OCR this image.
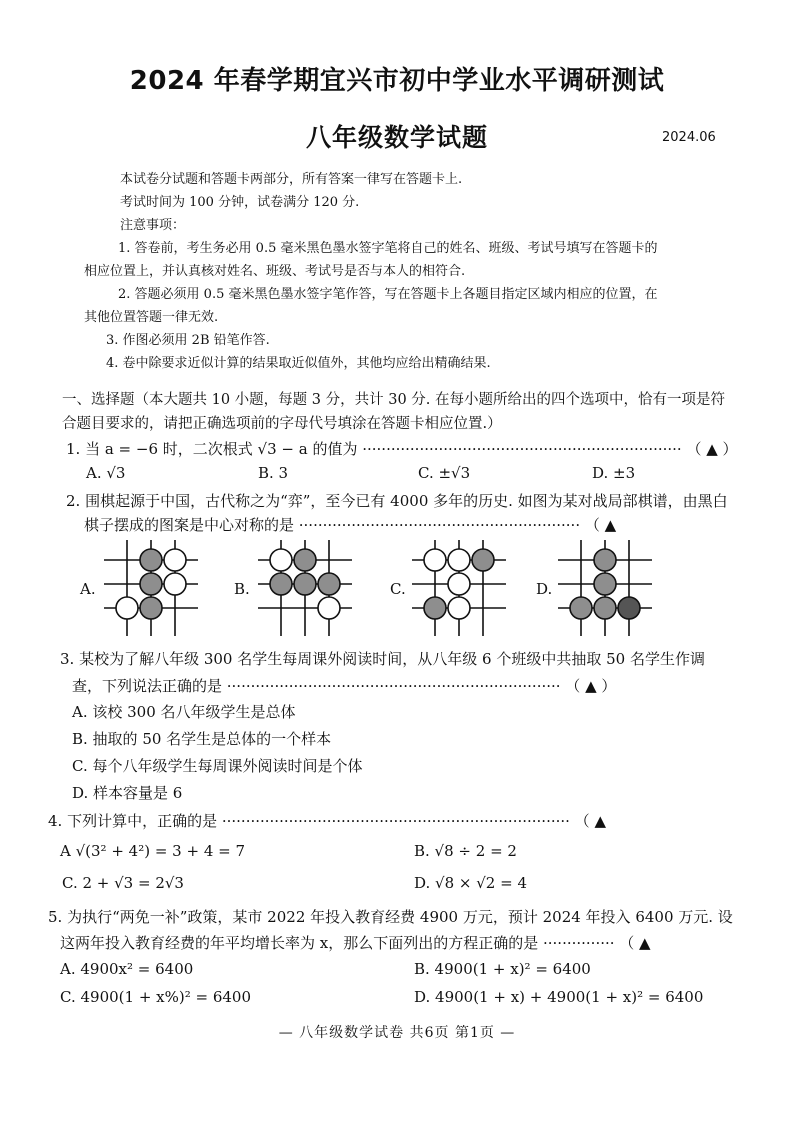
2024 年春学期宜兴市初中学业水平调研测试
八年级数学试题	2024.06
本试卷分试题和答题卡两部分，所有答案一律写在答题卡上.
考试时间为 100 分钟，试卷满分 120 分.
注意事项：
1. 答卷前，考生务必用 0.5 毫米黑色墨水签字笔将自己的姓名、班级、考试号填写在答题卡的
相应位置上，并认真核对姓名、班级、考试号是否与本人的相符合.
2. 答题必须用 0.5 毫米黑色墨水签字笔作答，写在答题卡上各题目指定区域内相应的位置，在
其他位置答题一律无效.
3. 作图必须用 2B 铅笔作答.
4. 卷中除要求近似计算的结果取近似值外，其他均应给出精确结果.
一、选择题（本大题共 10 小题，每题 3 分，共计 30 分. 在每小题所给出的四个选项中，恰有一项是符
合题目要求的，请把正确选项前的字母代号填涂在答题卡相应位置.）
1. 当 a = −6 时，二次根式 √3 − a 的值为 ··································································· （ ▲ ）
A. √3	B. 3	C. ±√3	D. ±3
2. 围棋起源于中国，古代称之为“弈”，至今已有 4000 多年的历史. 如图为某对战局部棋谱，由黑白
棋子摆成的图案是中心对称的是 ··························································· （ ▲
A.	B.	C.	D.
3. 某校为了解八年级 300 名学生每周课外阅读时间，从八年级 6 个班级中共抽取 50 名学生作调
查，下列说法正确的是 ······································································ （ ▲ ）
A. 该校 300 名八年级学生是总体
B. 抽取的 50 名学生是总体的一个样本
C. 每个八年级学生每周课外阅读时间是个体
D. 样本容量是 6
4. 下列计算中，正确的是 ········································································· （ ▲
A √(3² + 4²) = 3 + 4 = 7	B. √8 ÷ 2 = 2
C. 2 + √3 = 2√3	D. √8 × √2 = 4
5. 为执行“两免一补”政策，某市 2022 年投入教育经费 4900 万元，预计 2024 年投入 6400 万元. 设
这两年投入教育经费的年平均增长率为 x，那么下面列出的方程正确的是 ··············· （ ▲
A. 4900x² = 6400	B. 4900(1 + x)² = 6400
C. 4900(1 + x%)² = 6400	D. 4900(1 + x) + 4900(1 + x)² = 6400
— 八年级数学试卷 共6页 第1页 —
